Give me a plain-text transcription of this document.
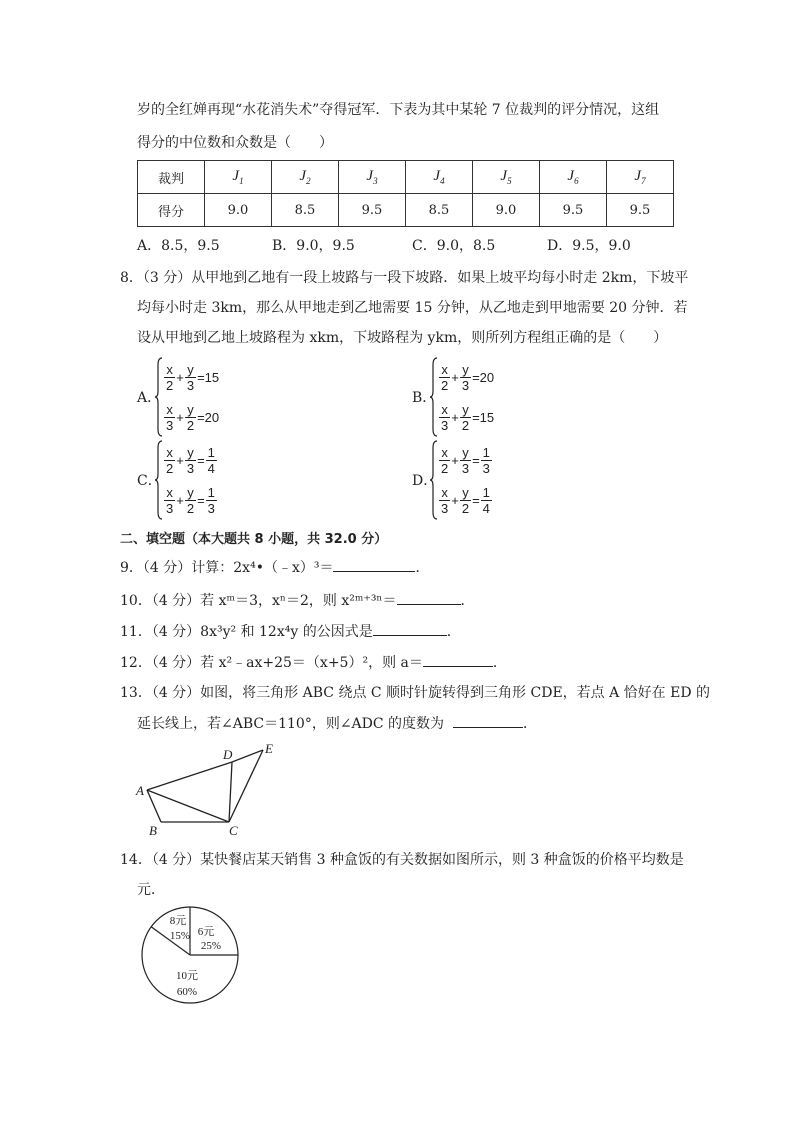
岁的全红婵再现“水花消失术”夺得冠军．下表为其中某轮 7 位裁判的评分情况，这组
得分的中位数和众数是（　　）
裁判	$J_1$	$J_2$	$J_3$	$J_4$	$J_5$	$J_6$	$J_7$
得分	9.0	8.5	9.5	8.5	9.0	9.5	9.5
A．8.5，9.5	B．9.0，9.5	C．9.0，8.5	D．9.5，9.0
8．（3 分）从甲地到乙地有一段上坡路与一段下坡路．如果上坡平均每小时走 2km，下坡平
均每小时走 3km，那么从甲地走到乙地需要 15 分钟，从乙地走到甲地需要 20 分钟．若
设从甲地到乙地上坡路程为 xkm，下坡路程为 ykm，则所列方程组正确的是（　　）
A．
$\frac{x}{2} + \frac{y}{3} = 15$
$\frac{x}{3} + \frac{y}{2} = 20$
B．
$\frac{x}{2} + \frac{y}{3} = 20$
$\frac{x}{3} + \frac{y}{2} = 15$
C．
$\frac{x}{2} + \frac{y}{3} = \frac{1}{4}$
$\frac{x}{3} + \frac{y}{2} = \frac{1}{3}$
D．
$\frac{x}{2} + \frac{y}{3} = \frac{1}{3}$
$\frac{x}{3} + \frac{y}{2} = \frac{1}{4}$
二、填空题（本大题共 8 小题，共 32.0 分）
9．（4 分）计算：2x⁴•（﹣x）³＝	．
10．（4 分）若 xᵐ＝3，xⁿ＝2，则 x²ᵐ⁺³ⁿ＝	．
11．（4 分）8x³y² 和 12x⁴y 的公因式是	．
12．（4 分）若 x²﹣ax+25＝（x+5）²，则 a＝	．
13．（4 分）如图，将三角形 ABC 绕点 C 顺时针旋转得到三角形 CDE，若点 A 恰好在 ED 的
延长线上，若∠ABC＝110°，则∠ADC 的度数为	．
A
B	C
D	E
14．（4 分）某快餐店某天销售 3 种盒饭的有关数据如图所示，则 3 种盒饭的价格平均数是
元．
6元
25%
8元
15%
10元
60%
